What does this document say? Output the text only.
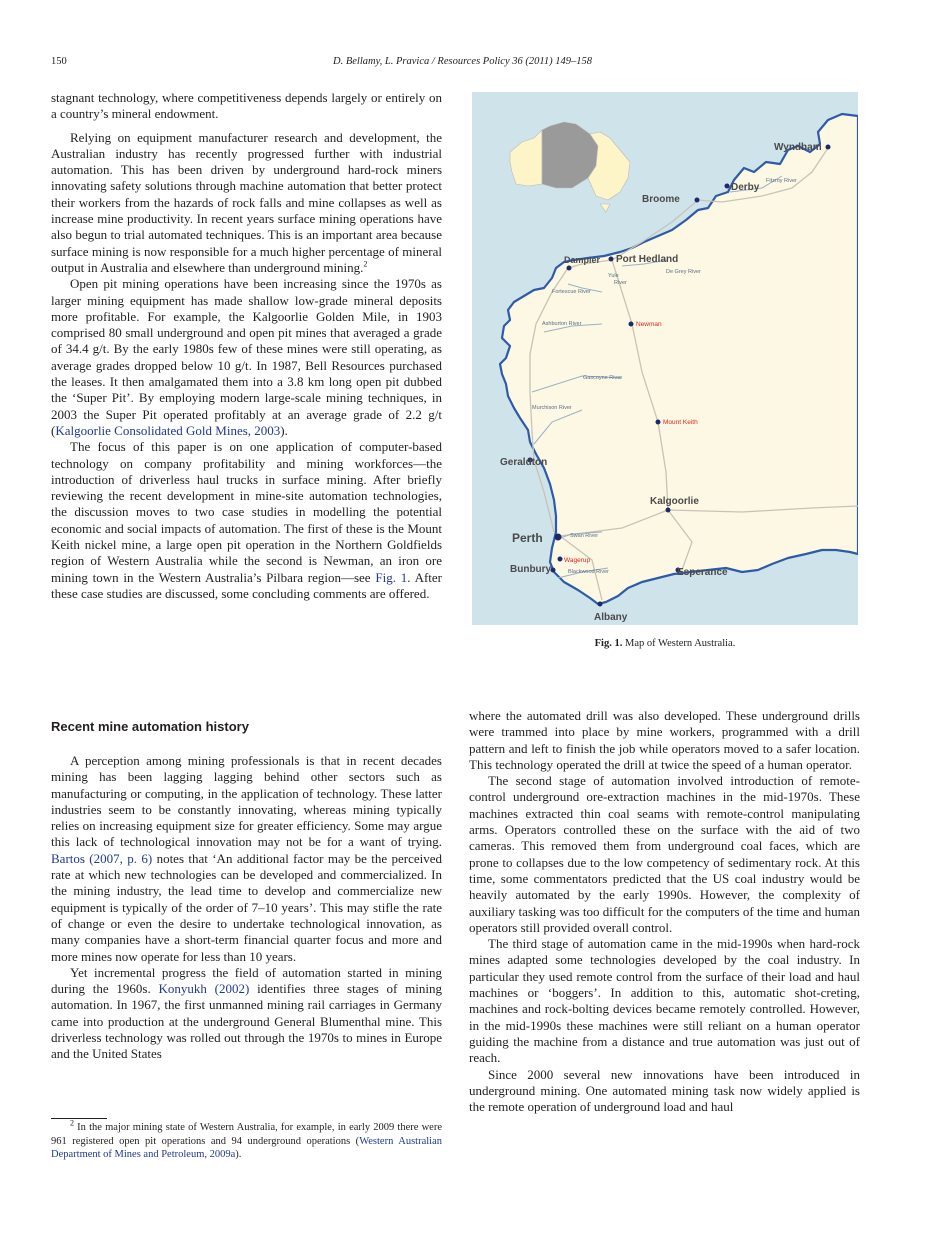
150	D. Bellamy, L. Pravica / Resources Policy 36 (2011) 149–158

stagnant technology, where competitiveness depends largely or entirely on a country’s mineral endowment.

Relying on equipment manufacturer research and development, the Australian industry has recently progressed further with industrial automation. This has been driven by underground hard-rock miners innovating safety solutions through machine automation that better protect their workers from the hazards of rock falls and mine collapses as well as increase mine productivity. In recent years surface mining operations have also begun to trial automated techniques. This is an important area because surface mining is now responsible for a much higher percentage of mineral output in Australia and elsewhere than underground mining.$^2$

Open pit mining operations have been increasing since the 1970s as larger mining equipment has made shallow low-grade mineral deposits more profitable. For example, the Kalgoorlie Golden Mile, in 1903 comprised 80 small underground and open pit mines that averaged a grade of 34.4 g/t. By the early 1980s few of these mines were still operating, as average grades dropped below 10 g/t. In 1987, Bell Resources purchased the leases. It then amalgamated them into a 3.8 km long open pit dubbed the ‘Super Pit’. By employing modern large-scale mining techniques, in 2003 the Super Pit operated profitably at an average grade of 2.2 g/t (Kalgoorlie Consolidated Gold Mines, 2003).

The focus of this paper is on one application of computer-based technology on company profitability and mining workforces—the introduction of driverless haul trucks in surface mining. After briefly reviewing the recent development in mine-site automation technologies, the discussion moves to two case studies in modelling the potential economic and social impacts of automation. The first of these is the Mount Keith nickel mine, a large open pit operation in the Northern Goldfields region of Western Australia while the second is Newman, an iron ore mining town in the Western Australia’s Pilbara region—see Fig. 1. After these case studies are discussed, some concluding comments are offered.

Recent mine automation history

A perception among mining professionals is that in recent decades mining has been lagging lagging behind other sectors such as manufacturing or computing, in the application of technology. These latter industries seem to be constantly innovating, whereas mining typically relies on increasing equipment size for greater efficiency. Some may argue this lack of technological innovation may not be for a want of trying. Bartos (2007, p. 6) notes that ‘An additional factor may be the perceived rate at which new technologies can be developed and commercialized. In the mining industry, the lead time to develop and commercialize new equipment is typically of the order of 7–10 years’. This may stifle the rate of change or even the desire to undertake technological innovation, as many companies have a short-term financial quarter focus and more and more mines now operate for less than 10 years.

Yet incremental progress the field of automation started in mining during the 1960s. Konyukh (2002) identifies three stages of mining automation. In 1967, the first unmanned mining rail carriages in Germany came into production at the underground General Blumenthal mine. This driverless technology was rolled out through the 1970s to mines in Europe and the United States

$^2$ In the major mining state of Western Australia, for example, in early 2009 there were 961 registered open pit operations and 94 underground operations (Western Australian Department of Mines and Petroleum, 2009a).

where the automated drill was also developed. These underground drills were trammed into place by mine workers, programmed with a drill pattern and left to finish the job while operators moved to a safer location. This technology operated the drill at twice the speed of a human operator.

The second stage of automation involved introduction of remote-control underground ore-extraction machines in the mid-1970s. These machines extracted thin coal seams with remote-control manipulating arms. Operators controlled these on the surface with the aid of two cameras. This removed them from underground coal faces, which are prone to collapses due to the low competency of sedimentary rock. At this time, some commentators predicted that the US coal industry would be heavily automated by the early 1990s. However, the complexity of auxiliary tasking was too difficult for the computers of the time and human operators still provided overall control.

The third stage of automation came in the mid-1990s when hard-rock mines adapted some technologies developed by the coal industry. In particular they used remote control from the surface of their load and haul machines or ‘boggers’. In addition to this, automatic shot-creting, machines and rock-bolting devices became remotely controlled. However, in the mid-1990s these machines were still reliant on a human operator guiding the machine from a distance and true automation was just out of reach.

Since 2000 several new innovations have been introduced in underground mining. One automated mining task now widely applied is the remote operation of underground load and haul

Wyndham
Derby
Broome
Dampier Port Hedland
Geraldton
Kalgoorlie
Perth
Bunbury	Esperance
Albany
Newman
Mount Keith
Wagerup
Fitzroy River
De Grey River
Yule
River
Fortescue River
Ashburton River
Gascoyne River
Murchison River
Swan River
Blackwood River
Fig. 1. Map of Western Australia.
